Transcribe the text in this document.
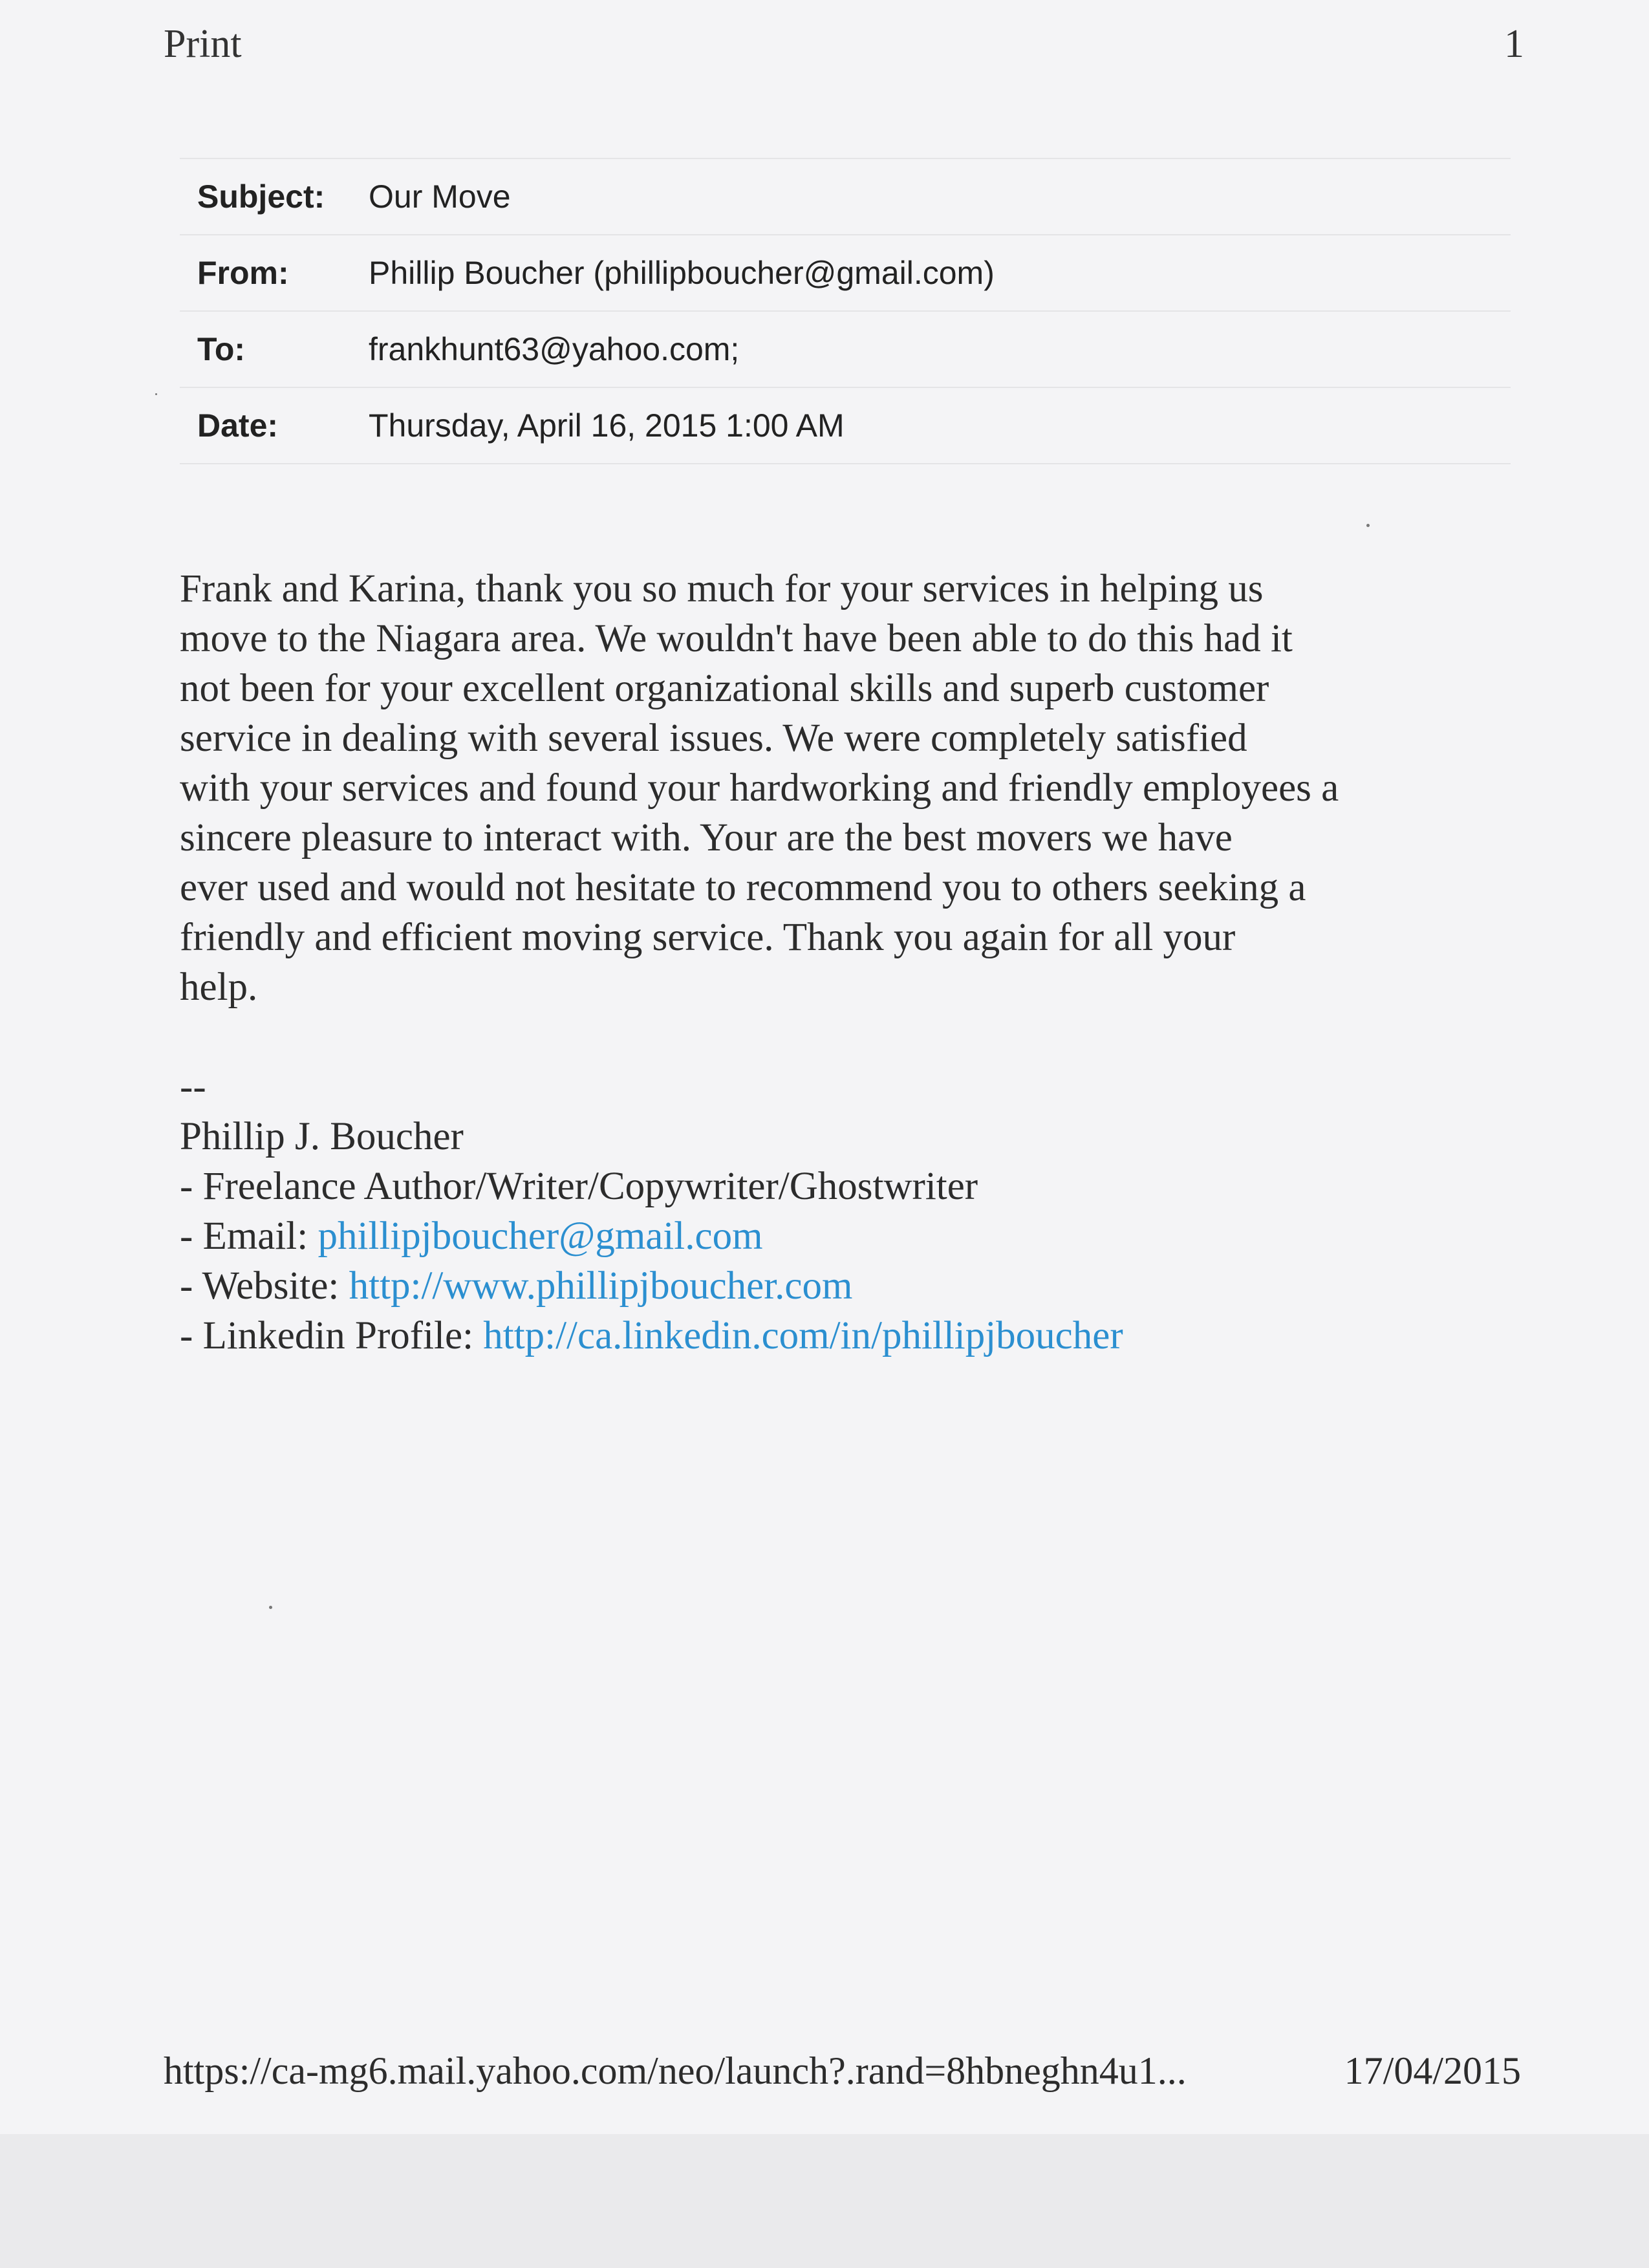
Print	1
Subject:	Our Move
From:	Phillip Boucher (phillipboucher@gmail.com)
To:	frankhunt63@yahoo.com;
Date:	Thursday, April 16, 2015 1:00 AM

Frank and Karina, thank you so much for your services in helping us

move to the Niagara area. We wouldn't have been able to do this had it

not been for your excellent organizational skills and superb customer

service in dealing with several issues. We were completely satisfied

with your services and found your hardworking and friendly employees a

sincere pleasure to interact with. Your are the best movers we have

ever used and would not hesitate to recommend you to others seeking a

friendly and efficient moving service. Thank you again for all your

help.

--
Phillip J. Boucher
- Freelance Author/Writer/Copywriter/Ghostwriter
- Email: phillipjboucher@gmail.com
- Website: http://www.phillipjboucher.com
- Linkedin Profile: http://ca.linkedin.com/in/phillipjboucher
https://ca-mg6.mail.yahoo.com/neo/launch?.rand=8hbneghn4u1...	17/04/2015
